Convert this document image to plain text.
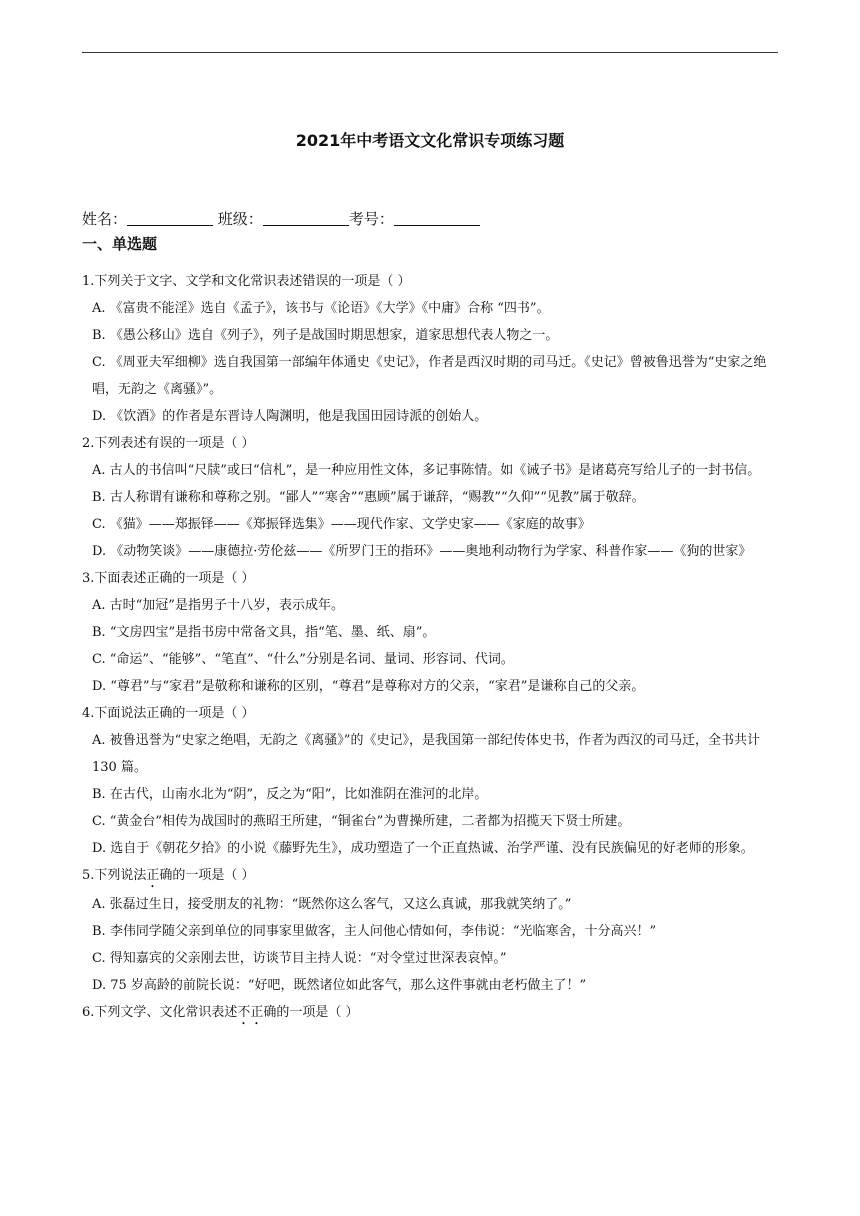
2021年中考语文文化常识专项练习题
姓名：	班级：	考号：
一、单选题

1.下列关于文字、文学和文化常识表述错误的一项是（ ）

A. 《富贵不能淫》选自《孟子》，该书与《论语》《大学》《中庸》合称 “四书”。

B. 《愚公移山》选自《列子》，列子是战国时期思想家，道家思想代表人物之一。

C. 《周亚夫军细柳》选自我国第一部编年体通史《史记》，作者是西汉时期的司马迁。《史记》曾被鲁迅誉为“史家之绝唱，无韵之《离骚》”。

D. 《饮酒》的作者是东晋诗人陶渊明，他是我国田园诗派的创始人。

2.下列表述有误的一项是（ ）

A. 古人的书信叫“尺牍”或曰“信札”，是一种应用性文体，多记事陈情。如《诫子书》是诸葛亮写给儿子的一封书信。

B. 古人称谓有谦称和尊称之别。“鄙人”“寒舍”“惠顾”属于谦辞，“赐教”“久仰”“见教”属于敬辞。

C. 《猫》——郑振铎——《郑振铎选集》——现代作家、文学史家——《家庭的故事》

D. 《动物笑谈》——康德拉·劳伦兹——《所罗门王的指环》——奥地利动物行为学家、科普作家——《狗的世家》

3.下面表述正确的一项是（ ）

A. 古时“加冠”是指男子十八岁，表示成年。

B. “文房四宝”是指书房中常备文具，指“笔、墨、纸、扇”。

C. “命运”、“能够”、“笔直”、“什么”分别是名词、量词、形容词、代词。

D. “尊君”与“家君”是敬称和谦称的区别，“尊君”是尊称对方的父亲，“家君”是谦称自己的父亲。

4.下面说法正确的一项是（ ）

A. 被鲁迅誉为“史家之绝唱，无韵之《离骚》”的《史记》，是我国第一部纪传体史书，作者为西汉的司马迁，全书共计 130 篇。

B. 在古代，山南水北为“阴”，反之为“阳”，比如淮阴在淮河的北岸。

C. “黄金台”相传为战国时的燕昭王所建，“铜雀台”为曹操所建，二者都为招揽天下贤士所建。

D. 选自于《朝花夕拾》的小说《藤野先生》，成功塑造了一个正直热诚、治学严谨、没有民族偏见的好老师的形象。

5.下列说法正确的一项是（ ）

A. 张磊过生日，接受朋友的礼物：“既然你这么客气，又这么真诚，那我就笑纳了。”

B. 李伟同学随父亲到单位的同事家里做客，主人问他心情如何，李伟说：“光临寒舍，十分高兴！”

C. 得知嘉宾的父亲刚去世，访谈节目主持人说：“对令堂过世深表哀悼。”

D. 75 岁高龄的前院长说：“好吧，既然诸位如此客气，那么这件事就由老朽做主了！”

6.下列文学、文化常识表述不正确的一项是（ ）
